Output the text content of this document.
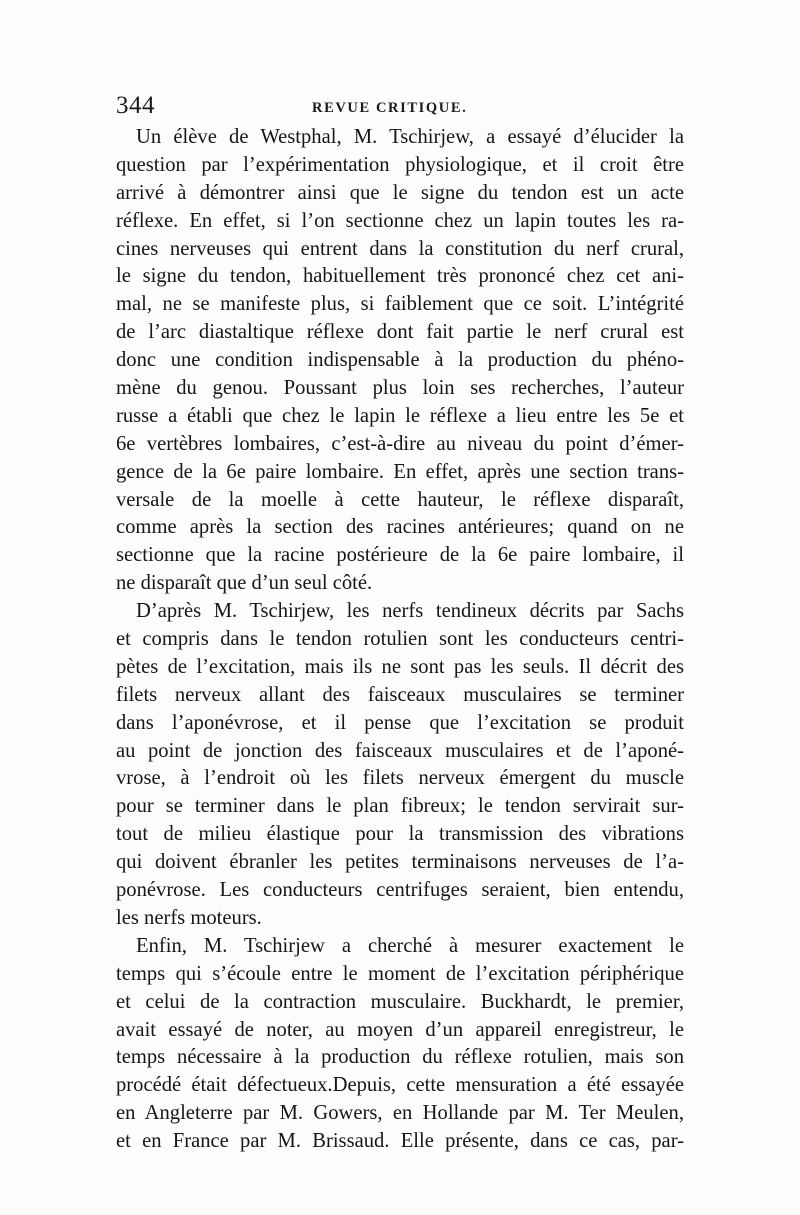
344	REVUE CRITIQUE.
Un élève de Westphal, M. Tschirjew, a essayé d’élucider la
question par l’expérimentation physiologique, et il croit être
arrivé à démontrer ainsi que le signe du tendon est un acte
réflexe. En effet, si l’on sectionne chez un lapin toutes les ra-
cines nerveuses qui entrent dans la constitution du nerf crural,
le signe du tendon, habituellement très prononcé chez cet ani-
mal, ne se manifeste plus, si faiblement que ce soit. L’intégrité
de l’arc diastaltique réflexe dont fait partie le nerf crural est
donc une condition indispensable à la production du phéno-
mène du genou. Poussant plus loin ses recherches, l’auteur
russe a établi que chez le lapin le réflexe a lieu entre les 5e et
6e vertèbres lombaires, c’est-à-dire au niveau du point d’émer-
gence de la 6e paire lombaire. En effet, après une section trans-
versale de la moelle à cette hauteur, le réflexe disparaît,
comme après la section des racines antérieures; quand on ne
sectionne que la racine postérieure de la 6e paire lombaire, il
ne disparaît que d’un seul côté.
D’après M. Tschirjew, les nerfs tendineux décrits par Sachs
et compris dans le tendon rotulien sont les conducteurs centri-
pètes de l’excitation, mais ils ne sont pas les seuls. Il décrit des
filets nerveux allant des faisceaux musculaires se terminer
dans l’aponévrose, et il pense que l’excitation se produit
au point de jonction des faisceaux musculaires et de l’aponé-
vrose, à l’endroit où les filets nerveux émergent du muscle
pour se terminer dans le plan fibreux; le tendon servirait sur-
tout de milieu élastique pour la transmission des vibrations
qui doivent ébranler les petites terminaisons nerveuses de l’a-
ponévrose. Les conducteurs centrifuges seraient, bien entendu,
les nerfs moteurs.
Enfin, M. Tschirjew a cherché à mesurer exactement le
temps qui s’écoule entre le moment de l’excitation périphérique
et celui de la contraction musculaire. Buckhardt, le premier,
avait essayé de noter, au moyen d’un appareil enregistreur, le
temps nécessaire à la production du réflexe rotulien, mais son
procédé était défectueux.Depuis, cette mensuration a été essayée
en Angleterre par M. Gowers, en Hollande par M. Ter Meulen,
et en France par M. Brissaud. Elle présente, dans ce cas, par-
